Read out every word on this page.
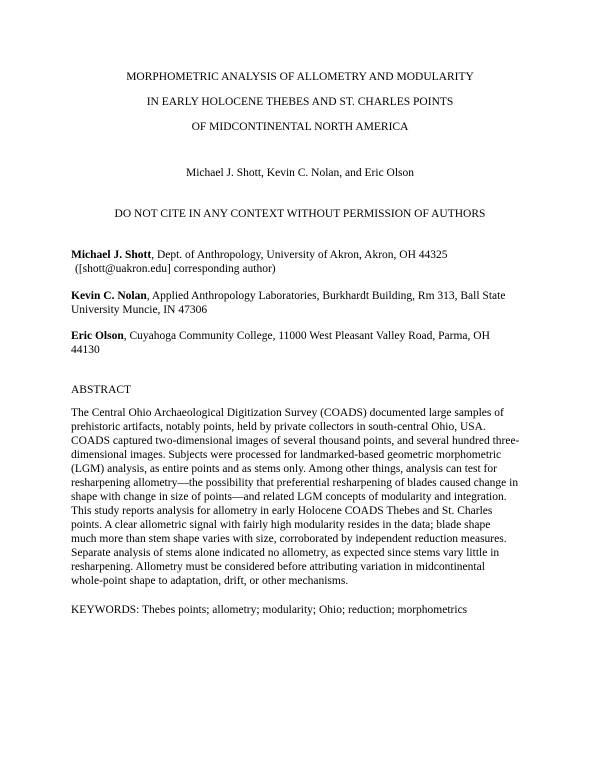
MORPHOMETRIC ANALYSIS OF ALLOMETRY AND MODULARITY
IN EARLY HOLOCENE THEBES AND ST. CHARLES POINTS
OF MIDCONTINENTAL NORTH AMERICA
Michael J. Shott, Kevin C. Nolan, and Eric Olson
DO NOT CITE IN ANY CONTEXT WITHOUT PERMISSION OF AUTHORS
Michael J. Shott, Dept. of Anthropology, University of Akron, Akron, OH 44325
([shott@uakron.edu] corresponding author)
Kevin C. Nolan, Applied Anthropology Laboratories, Burkhardt Building, Rm 313, Ball State
University Muncie, IN 47306
Eric Olson, Cuyahoga Community College, 11000 West Pleasant Valley Road, Parma, OH
44130
ABSTRACT
The Central Ohio Archaeological Digitization Survey (COADS) documented large samples of
prehistoric artifacts, notably points, held by private collectors in south-central Ohio, USA.
COADS captured two-dimensional images of several thousand points, and several hundred three-
dimensional images. Subjects were processed for landmarked-based geometric morphometric
(LGM) analysis, as entire points and as stems only. Among other things, analysis can test for
resharpening allometry—the possibility that preferential resharpening of blades caused change in
shape with change in size of points—and related LGM concepts of modularity and integration.
This study reports analysis for allometry in early Holocene COADS Thebes and St. Charles
points. A clear allometric signal with fairly high modularity resides in the data; blade shape
much more than stem shape varies with size, corroborated by independent reduction measures.
Separate analysis of stems alone indicated no allometry, as expected since stems vary little in
resharpening. Allometry must be considered before attributing variation in midcontinental
whole-point shape to adaptation, drift, or other mechanisms.
KEYWORDS: Thebes points; allometry; modularity; Ohio; reduction; morphometrics
